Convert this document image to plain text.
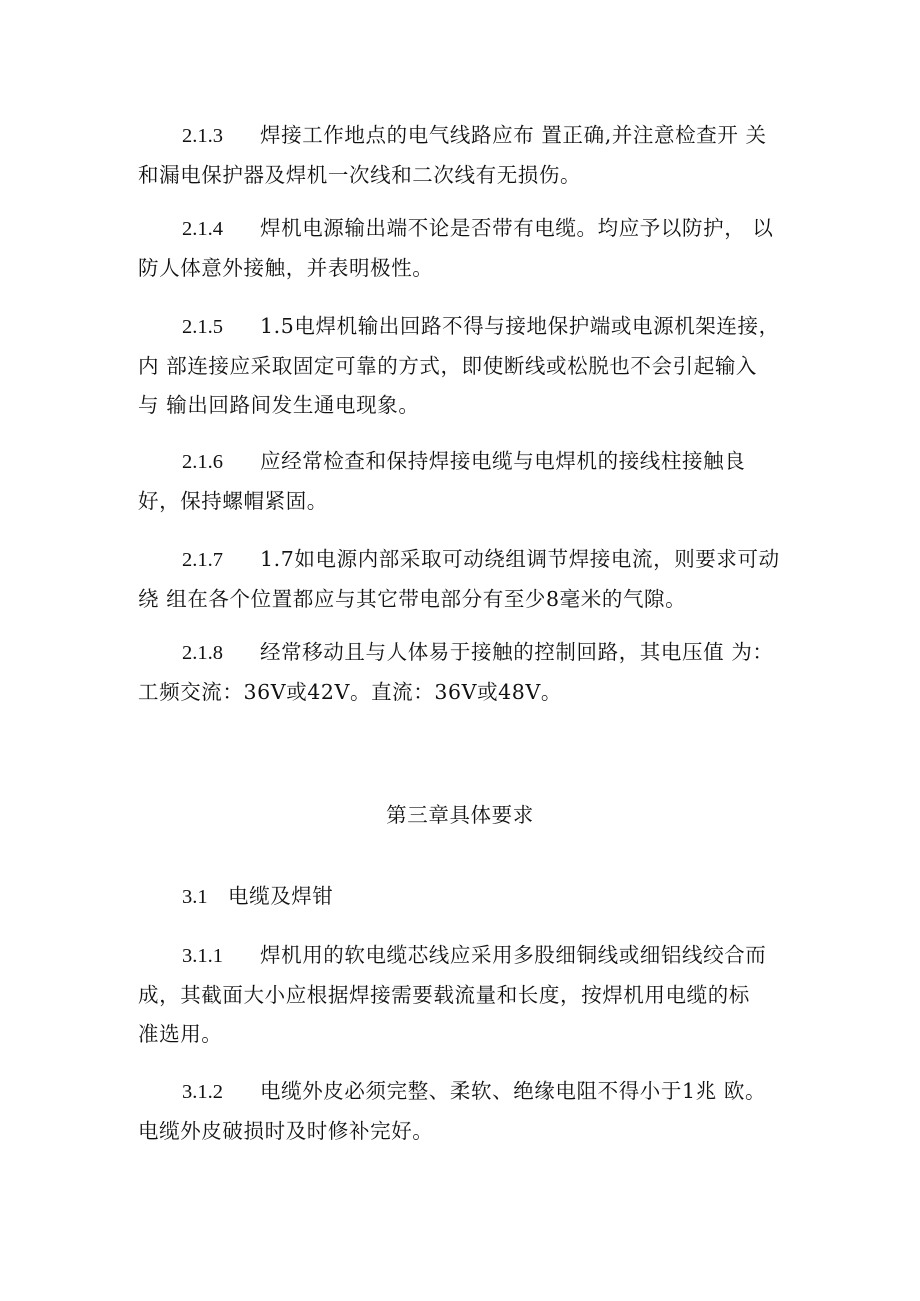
2.1.3 焊接工作地点的电气线路应布 置正确,并注意检查开 关
和漏电保护器及焊机一次线和二次线有无损伤。
2.1.4 焊机电源输出端不论是否带有电缆。均应予以防护， 以
防人体意外接触，并表明极性。
2.1.5 1.5电焊机输出回路不得与接地保护端或电源机架连接，
内 部连接应采取固定可靠的方式，即使断线或松脱也不会引起输入
与 输出回路间发生通电现象。
2.1.6 应经常检查和保持焊接电缆与电焊机的接线柱接触良
好，保持螺帽紧固。
2.1.7 1.7如电源内部采取可动绕组调节焊接电流，则要求可动
绕 组在各个位置都应与其它带电部分有至少8毫米的气隙。
2.1.8 经常移动且与人体易于接触的控制回路，其电压值 为：
工频交流：36V或42V。直流：36V或48V。
第三章具体要求
3.1 电缆及焊钳
3.1.1 焊机用的软电缆芯线应采用多股细铜线或细铝线绞合而
成，其截面大小应根据焊接需要载流量和长度，按焊机用电缆的标
准选用。
3.1.2 电缆外皮必须完整、柔软、绝缘电阻不得小于1兆 欧。
电缆外皮破损时及时修补完好。
